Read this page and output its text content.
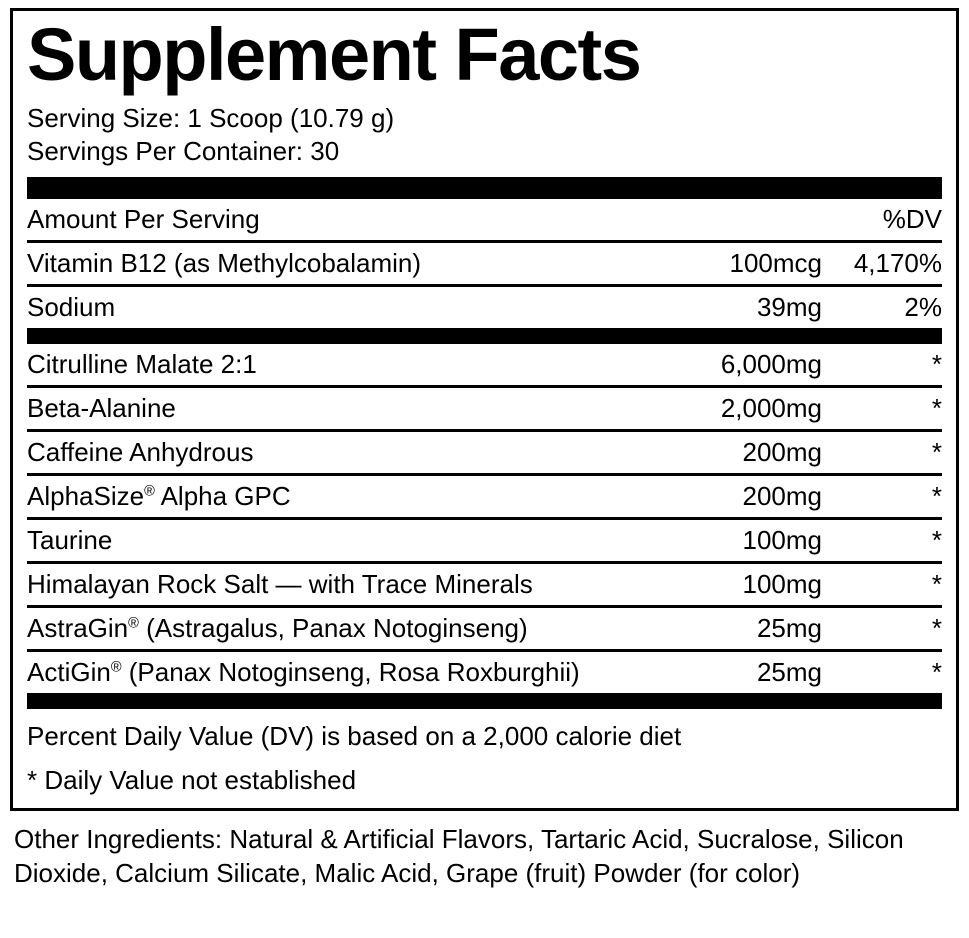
Supplement Facts
Serving Size: 1 Scoop (10.79 g)
Servings Per Container: 30
Amount Per Serving		%DV

Vitamin B12 (as Methylcobalamin)	100mcg	4,170%

Sodium	39mg	2%
Citrulline Malate 2:1	6,000mg	*

Beta-Alanine	2,000mg	*

Caffeine Anhydrous	200mg	*

AlphaSize® Alpha GPC	200mg	*

Taurine	100mg	*

Himalayan Rock Salt — with Trace Minerals	100mg	*

AstraGin® (Astragalus, Panax Notoginseng)	25mg	*

ActiGin® (Panax Notoginseng, Rosa Roxburghii)	25mg	*
Percent Daily Value (DV) is based on a 2,000 calorie diet
* Daily Value not established
Other Ingredients: Natural & Artificial Flavors, Tartaric Acid, Sucralose, Silicon Dioxide, Calcium Silicate, Malic Acid, Grape (fruit) Powder (for color)
